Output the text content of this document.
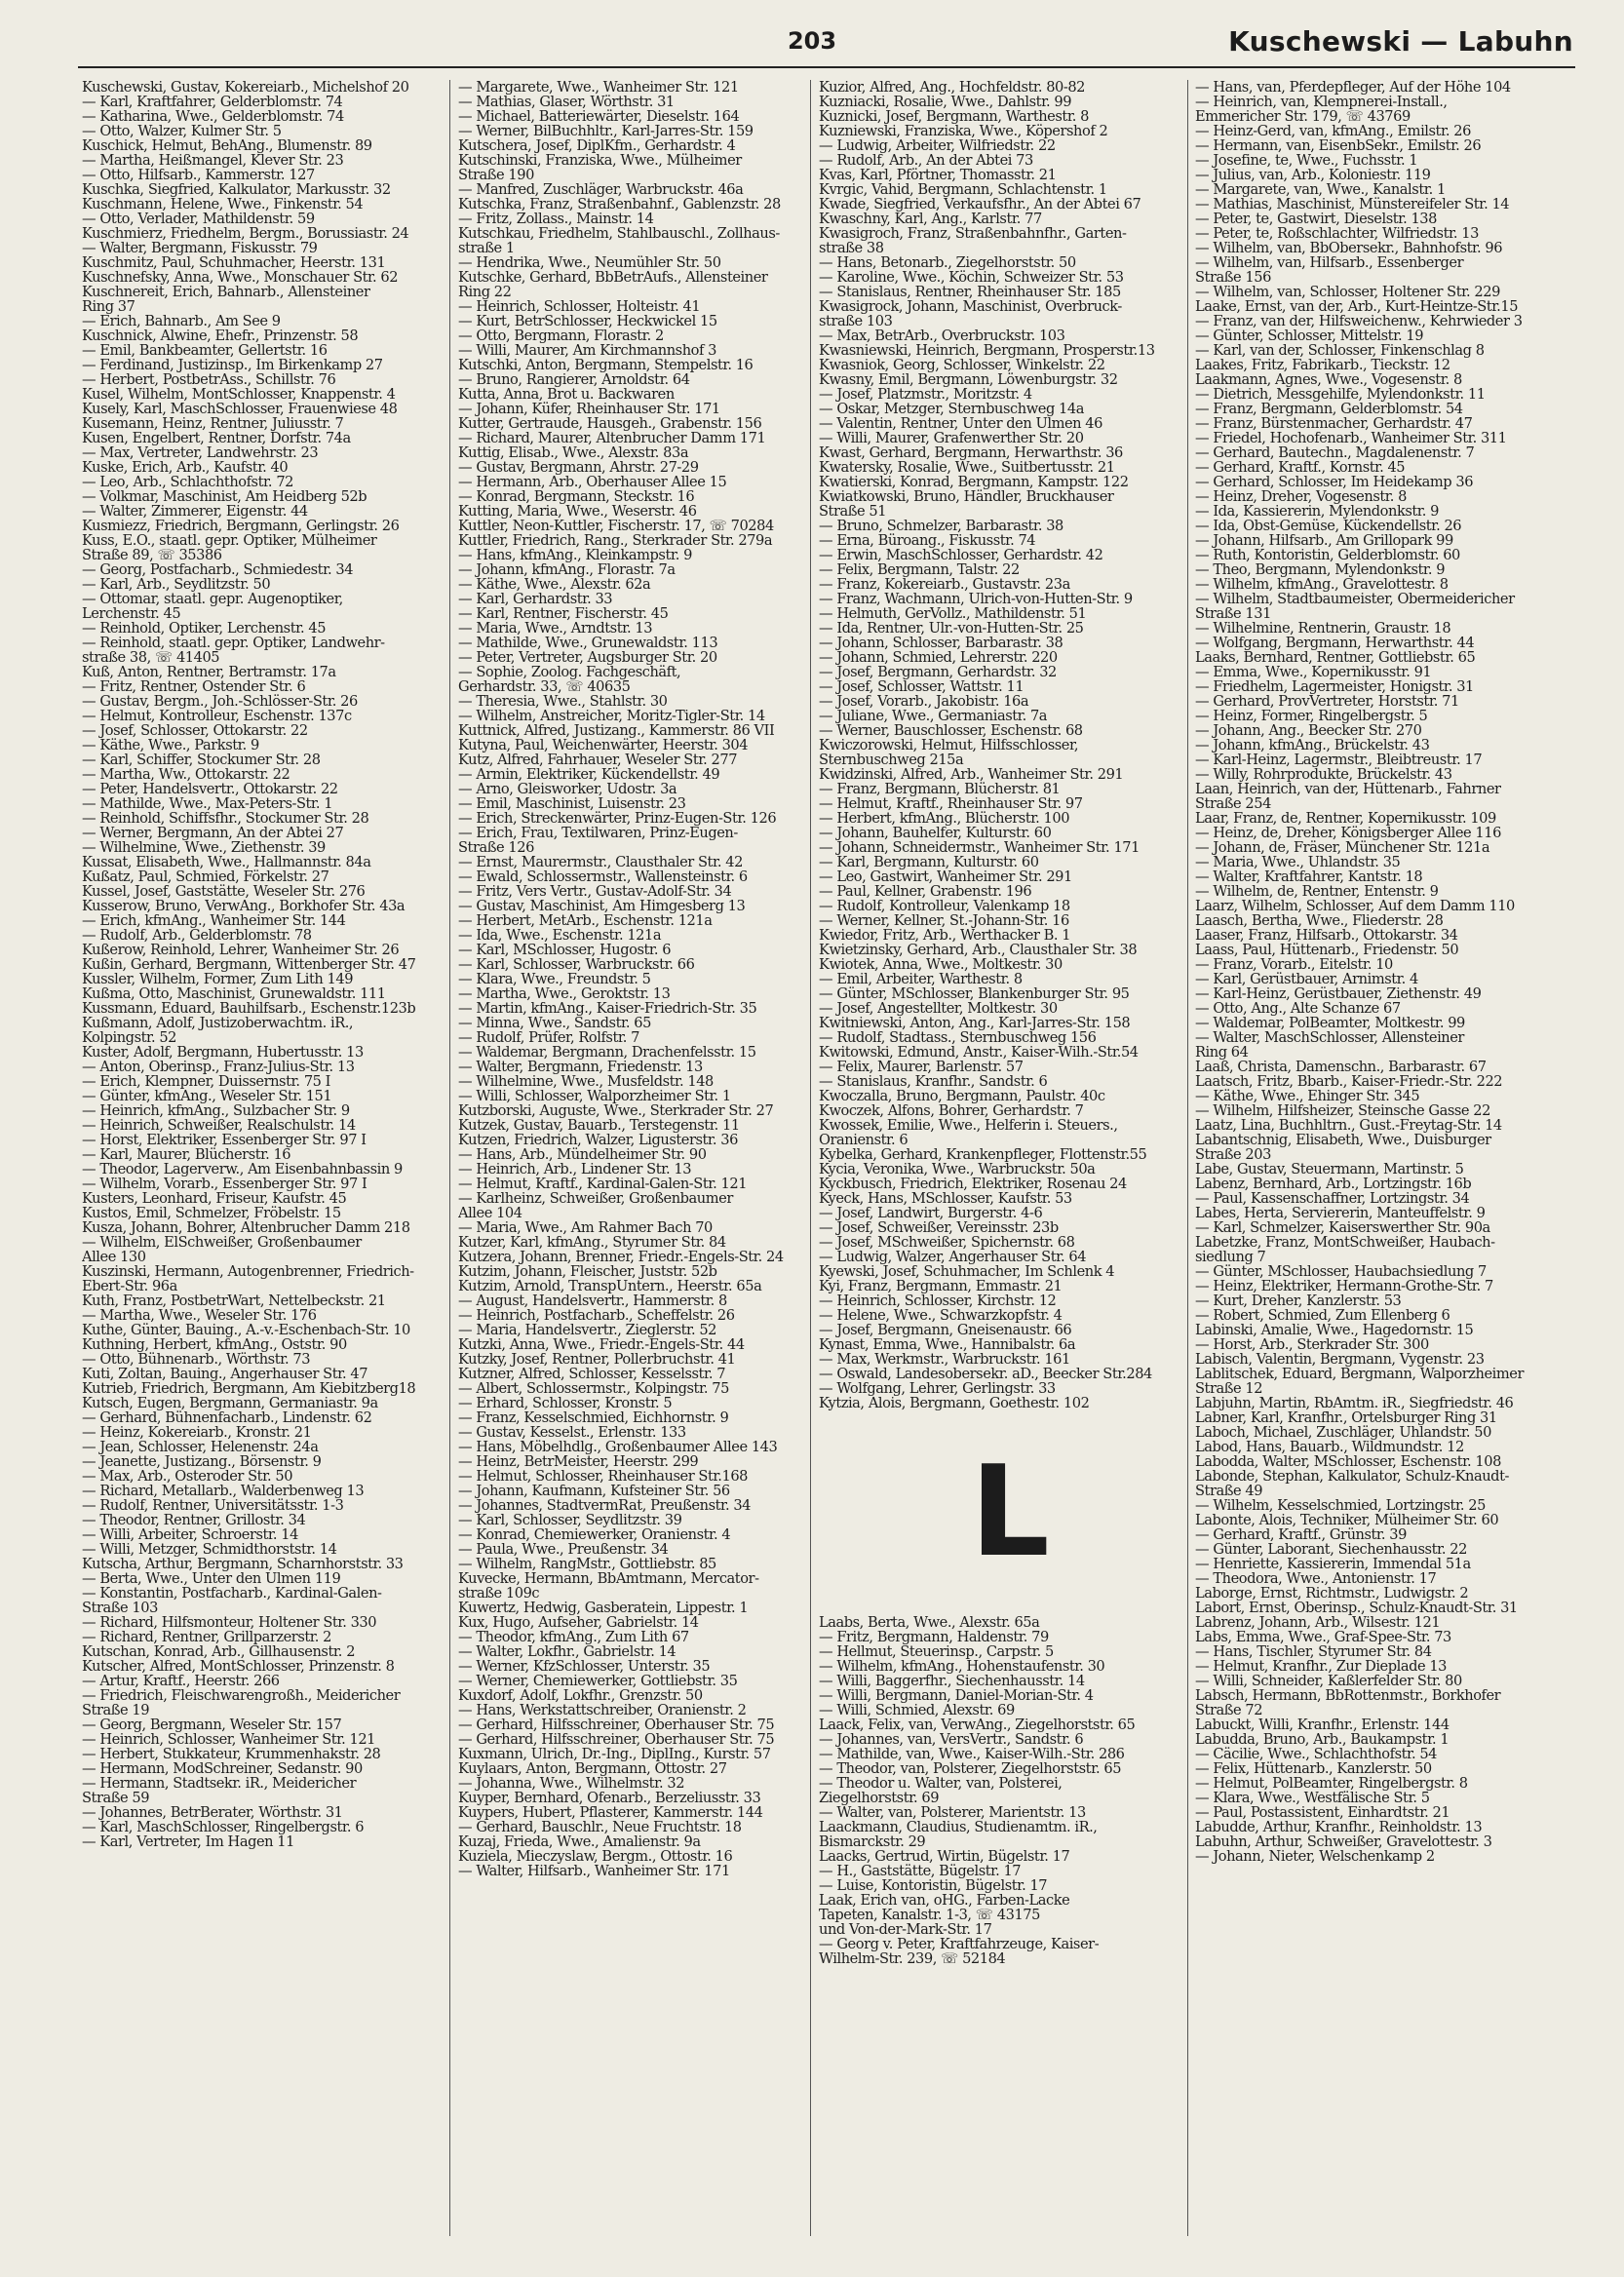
203	Kuschewski — Labuhn
Kuschewski, Gustav, Kokereiarb., Michelshof 20
— Karl, Kraftfahrer, Gelderblomstr. 74
— Katharina, Wwe., Gelderblomstr. 74
— Otto, Walzer, Kulmer Str. 5
Kuschick, Helmut, BehAng., Blumenstr. 89
— Martha, Heißmangel, Klever Str. 23
— Otto, Hilfsarb., Kammerstr. 127
Kuschka, Siegfried, Kalkulator, Markusstr. 32
Kuschmann, Helene, Wwe., Finkenstr. 54
— Otto, Verlader, Mathildenstr. 59
Kuschmierz, Friedhelm, Bergm., Borussiastr. 24
— Walter, Bergmann, Fiskusstr. 79
Kuschmitz, Paul, Schuhmacher, Heerstr. 131
Kuschnefsky, Anna, Wwe., Monschauer Str. 62
Kuschnereit, Erich, Bahnarb., Allensteiner
Ring 37
— Erich, Bahnarb., Am See 9
Kuschnick, Alwine, Ehefr., Prinzenstr. 58
— Emil, Bankbeamter, Gellertstr. 16
— Ferdinand, Justizinsp., Im Birkenkamp 27
— Herbert, PostbetrAss., Schillstr. 76
Kusel, Wilhelm, MontSchlosser, Knappenstr. 4
Kusely, Karl, MaschSchlosser, Frauenwiese 48
Kusemann, Heinz, Rentner, Juliusstr. 7
Kusen, Engelbert, Rentner, Dorfstr. 74a
— Max, Vertreter, Landwehrstr. 23
Kuske, Erich, Arb., Kaufstr. 40
— Leo, Arb., Schlachthofstr. 72
— Volkmar, Maschinist, Am Heidberg 52b
— Walter, Zimmerer, Eigenstr. 44
Kusmiezz, Friedrich, Bergmann, Gerlingstr. 26
Kuss, E.O., staatl. gepr. Optiker, Mülheimer
Straße 89, ☏ 35386
— Georg, Postfacharb., Schmiedestr. 34
— Karl, Arb., Seydlitzstr. 50
— Ottomar, staatl. gepr. Augenoptiker,
Lerchenstr. 45
— Reinhold, Optiker, Lerchenstr. 45
— Reinhold, staatl. gepr. Optiker, Landwehr-
straße 38, ☏ 41405
Kuß, Anton, Rentner, Bertramstr. 17a
— Fritz, Rentner, Ostender Str. 6
— Gustav, Bergm., Joh.-Schlösser-Str. 26
— Helmut, Kontrolleur, Eschenstr. 137c
— Josef, Schlosser, Ottokarstr. 22
— Käthe, Wwe., Parkstr. 9
— Karl, Schiffer, Stockumer Str. 28
— Martha, Ww., Ottokarstr. 22
— Peter, Handelsvertr., Ottokarstr. 22
— Mathilde, Wwe., Max-Peters-Str. 1
— Reinhold, Schiffsfhr., Stockumer Str. 28
— Werner, Bergmann, An der Abtei 27
— Wilhelmine, Wwe., Ziethenstr. 39
Kussat, Elisabeth, Wwe., Hallmannstr. 84a
Kußatz, Paul, Schmied, Förkelstr. 27
Kussel, Josef, Gaststätte, Weseler Str. 276
Kusserow, Bruno, VerwAng., Borkhofer Str. 43a
— Erich, kfmAng., Wanheimer Str. 144
— Rudolf, Arb., Gelderblomstr. 78
Kußerow, Reinhold, Lehrer, Wanheimer Str. 26
Kußin, Gerhard, Bergmann, Wittenberger Str. 47
Kussler, Wilhelm, Former, Zum Lith 149
Kußma, Otto, Maschinist, Grunewaldstr. 111
Kussmann, Eduard, Bauhilfsarb., Eschenstr.123b
Kußmann, Adolf, Justizoberwachtm. iR.,
Kolpingstr. 52
Kuster, Adolf, Bergmann, Hubertusstr. 13
— Anton, Oberinsp., Franz-Julius-Str. 13
— Erich, Klempner, Duissernstr. 75 I
— Günter, kfmAng., Weseler Str. 151
— Heinrich, kfmAng., Sulzbacher Str. 9
— Heinrich, Schweißer, Realschulstr. 14
— Horst, Elektriker, Essenberger Str. 97 I
— Karl, Maurer, Blücherstr. 16
— Theodor, Lagerverw., Am Eisenbahnbassin 9
— Wilhelm, Vorarb., Essenberger Str. 97 I
Kusters, Leonhard, Friseur, Kaufstr. 45
Kustos, Emil, Schmelzer, Fröbelstr. 15
Kusza, Johann, Bohrer, Altenbrucher Damm 218
— Wilhelm, ElSchweißer, Großenbaumer
Allee 130
Kuszinski, Hermann, Autogenbrenner, Friedrich-
Ebert-Str. 96a
Kuth, Franz, PostbetrWart, Nettelbeckstr. 21
— Martha, Wwe., Weseler Str. 176
Kuthe, Günter, Bauing., A.-v.-Eschenbach-Str. 10
Kuthning, Herbert, kfmAng., Oststr. 90
— Otto, Bühnenarb., Wörthstr. 73
Kuti, Zoltan, Bauing., Angerhauser Str. 47
Kutrieb, Friedrich, Bergmann, Am Kiebitzberg18
Kutsch, Eugen, Bergmann, Germaniastr. 9a
— Gerhard, Bühnenfacharb., Lindenstr. 62
— Heinz, Kokereiarb., Kronstr. 21
— Jean, Schlosser, Helenenstr. 24a
— Jeanette, Justizang., Börsenstr. 9
— Max, Arb., Osteroder Str. 50
— Richard, Metallarb., Walderbenweg 13
— Rudolf, Rentner, Universitätsstr. 1-3
— Theodor, Rentner, Grillostr. 34
— Willi, Arbeiter, Schroerstr. 14
— Willi, Metzger, Schmidthorststr. 14
Kutscha, Arthur, Bergmann, Scharnhorststr. 33
— Berta, Wwe., Unter den Ulmen 119
— Konstantin, Postfacharb., Kardinal-Galen-
Straße 103
— Richard, Hilfsmonteur, Holtener Str. 330
— Richard, Rentner, Grillparzerstr. 2
Kutschan, Konrad, Arb., Gillhausenstr. 2
Kutscher, Alfred, MontSchlosser, Prinzenstr. 8
— Artur, Kraftf., Heerstr. 266
— Friedrich, Fleischwarengroßh., Meidericher
Straße 19
— Georg, Bergmann, Weseler Str. 157
— Heinrich, Schlosser, Wanheimer Str. 121
— Herbert, Stukkateur, Krummenhakstr. 28
— Hermann, ModSchreiner, Sedanstr. 90
— Hermann, Stadtsekr. iR., Meidericher
Straße 59
— Johannes, BetrBerater, Wörthstr. 31
— Karl, MaschSchlosser, Ringelbergstr. 6
— Karl, Vertreter, Im Hagen 11
— Margarete, Wwe., Wanheimer Str. 121
— Mathias, Glaser, Wörthstr. 31
— Michael, Batteriewärter, Dieselstr. 164
— Werner, BilBuchhltr., Karl-Jarres-Str. 159
Kutschera, Josef, DiplKfm., Gerhardstr. 4
Kutschinski, Franziska, Wwe., Mülheimer
Straße 190
— Manfred, Zuschläger, Warbruckstr. 46a
Kutschka, Franz, Straßenbahnf., Gablenzstr. 28
— Fritz, Zollass., Mainstr. 14
Kutschkau, Friedhelm, Stahlbauschl., Zollhaus-
straße 1
— Hendrika, Wwe., Neumühler Str. 50
Kutschke, Gerhard, BbBetrAufs., Allensteiner
Ring 22
— Heinrich, Schlosser, Holteistr. 41
— Kurt, BetrSchlosser, Heckwickel 15
— Otto, Bergmann, Florastr. 2
— Willi, Maurer, Am Kirchmannshof 3
Kutschki, Anton, Bergmann, Stempelstr. 16
— Bruno, Rangierer, Arnoldstr. 64
Kutta, Anna, Brot u. Backwaren
— Johann, Küfer, Rheinhauser Str. 171
Kutter, Gertraude, Hausgeh., Grabenstr. 156
— Richard, Maurer, Altenbrucher Damm 171
Kuttig, Elisab., Wwe., Alexstr. 83a
— Gustav, Bergmann, Ahrstr. 27-29
— Hermann, Arb., Oberhauser Allee 15
— Konrad, Bergmann, Steckstr. 16
Kutting, Maria, Wwe., Weserstr. 46
Kuttler, Neon-Kuttler, Fischerstr. 17, ☏ 70284
Kuttler, Friedrich, Rang., Sterkrader Str. 279a
— Hans, kfmAng., Kleinkampstr. 9
— Johann, kfmAng., Florastr. 7a
— Käthe, Wwe., Alexstr. 62a
— Karl, Gerhardstr. 33
— Karl, Rentner, Fischerstr. 45
— Maria, Wwe., Arndtstr. 13
— Mathilde, Wwe., Grunewaldstr. 113
— Peter, Vertreter, Augsburger Str. 20
— Sophie, Zoolog. Fachgeschäft,
Gerhardstr. 33, ☏ 40635
— Theresia, Wwe., Stahlstr. 30
— Wilhelm, Anstreicher, Moritz-Tigler-Str. 14
Kuttnick, Alfred, Justizang., Kammerstr. 86 VII
Kutyna, Paul, Weichenwärter, Heerstr. 304
Kutz, Alfred, Fahrhauer, Weseler Str. 277
— Armin, Elektriker, Kückendellstr. 49
— Arno, Gleisworker, Udostr. 3a
— Emil, Maschinist, Luisenstr. 23
— Erich, Streckenwärter, Prinz-Eugen-Str. 126
— Erich, Frau, Textilwaren, Prinz-Eugen-
Straße 126
— Ernst, Maurermstr., Clausthaler Str. 42
— Ewald, Schlossermstr., Wallensteinstr. 6
— Fritz, Vers Vertr., Gustav-Adolf-Str. 34
— Gustav, Maschinist, Am Himgesberg 13
— Herbert, MetArb., Eschenstr. 121a
— Ida, Wwe., Eschenstr. 121a
— Karl, MSchlosser, Hugostr. 6
— Karl, Schlosser, Warbruckstr. 66
— Klara, Wwe., Freundstr. 5
— Martha, Wwe., Geroktstr. 13
— Martin, kfmAng., Kaiser-Friedrich-Str. 35
— Minna, Wwe., Sandstr. 65
— Rudolf, Prüfer, Rolfstr. 7
— Waldemar, Bergmann, Drachenfelsstr. 15
— Walter, Bergmann, Friedenstr. 13
— Wilhelmine, Wwe., Musfeldstr. 148
— Willi, Schlosser, Walporzheimer Str. 1
Kutzborski, Auguste, Wwe., Sterkrader Str. 27
Kutzek, Gustav, Bauarb., Terstegenstr. 11
Kutzen, Friedrich, Walzer, Ligusterstr. 36
— Hans, Arb., Mündelheimer Str. 90
— Heinrich, Arb., Lindener Str. 13
— Helmut, Kraftf., Kardinal-Galen-Str. 121
— Karlheinz, Schweißer, Großenbaumer
Allee 104
— Maria, Wwe., Am Rahmer Bach 70
Kutzer, Karl, kfmAng., Styrumer Str. 84
Kutzera, Johann, Brenner, Friedr.-Engels-Str. 24
Kutzim, Johann, Fleischer, Juststr. 52b
Kutzim, Arnold, TranspUntern., Heerstr. 65a
— August, Handelsvertr., Hammerstr. 8
— Heinrich, Postfacharb., Scheffelstr. 26
— Maria, Handelsvertr., Zieglerstr. 52
Kutzki, Anna, Wwe., Friedr.-Engels-Str. 44
Kutzky, Josef, Rentner, Pollerbruchstr. 41
Kutzner, Alfred, Schlosser, Kesselsstr. 7
— Albert, Schlossermstr., Kolpingstr. 75
— Erhard, Schlosser, Kronstr. 5
— Franz, Kesselschmied, Eichhornstr. 9
— Gustav, Kesselst., Erlenstr. 133
— Hans, Möbelhdlg., Großenbaumer Allee 143
— Heinz, BetrMeister, Heerstr. 299
— Helmut, Schlosser, Rheinhauser Str.168
— Johann, Kaufmann, Kufsteiner Str. 56
— Johannes, StadtvermRat, Preußenstr. 34
— Karl, Schlosser, Seydlitzstr. 39
— Konrad, Chemiewerker, Oranienstr. 4
— Paula, Wwe., Preußenstr. 34
— Wilhelm, RangMstr., Gottliebstr. 85
Kuvecke, Hermann, BbAmtmann, Mercator-
straße 109c
Kuwertz, Hedwig, Gasberatein, Lippestr. 1
Kux, Hugo, Aufseher, Gabrielstr. 14
— Theodor, kfmAng., Zum Lith 67
— Walter, Lokfhr., Gabrielstr. 14
— Werner, KfzSchlosser, Unterstr. 35
— Werner, Chemiewerker, Gottliebstr. 35
Kuxdorf, Adolf, Lokfhr., Grenzstr. 50
— Hans, Werkstattschreiber, Oranienstr. 2
— Gerhard, Hilfsschreiner, Oberhauser Str. 75
— Gerhard, Hilfsschreiner, Oberhauser Str. 75
Kuxmann, Ulrich, Dr.-Ing., DiplIng., Kurstr. 57
Kuylaars, Anton, Bergmann, Ottostr. 27
— Johanna, Wwe., Wilhelmstr. 32
Kuyper, Bernhard, Ofenarb., Berzeliusstr. 33
Kuypers, Hubert, Pflasterer, Kammerstr. 144
— Gerhard, Bauschlr., Neue Fruchtstr. 18
Kuzaj, Frieda, Wwe., Amalienstr. 9a
Kuziela, Mieczyslaw, Bergm., Ottostr. 16
— Walter, Hilfsarb., Wanheimer Str. 171
Kuzior, Alfred, Ang., Hochfeldstr. 80-82
Kuzniacki, Rosalie, Wwe., Dahlstr. 99
Kuznicki, Josef, Bergmann, Warthestr. 8
Kuzniewski, Franziska, Wwe., Köpershof 2
— Ludwig, Arbeiter, Wilfriedstr. 22
— Rudolf, Arb., An der Abtei 73
Kvas, Karl, Pförtner, Thomasstr. 21
Kvrgic, Vahid, Bergmann, Schlachtenstr. 1
Kwade, Siegfried, Verkaufsfhr., An der Abtei 67
Kwaschny, Karl, Ang., Karlstr. 77
Kwasigroch, Franz, Straßenbahnfhr., Garten-
straße 38
— Hans, Betonarb., Ziegelhorststr. 50
— Karoline, Wwe., Köchin, Schweizer Str. 53
— Stanislaus, Rentner, Rheinhauser Str. 185
Kwasigrock, Johann, Maschinist, Overbruck-
straße 103
— Max, BetrArb., Overbruckstr. 103
Kwasniewski, Heinrich, Bergmann, Prosperstr.13
Kwasniok, Georg, Schlosser, Winkelstr. 22
Kwasny, Emil, Bergmann, Löwenburgstr. 32
— Josef, Platzmstr., Moritzstr. 4
— Oskar, Metzger, Sternbuschweg 14a
— Valentin, Rentner, Unter den Ulmen 46
— Willi, Maurer, Grafenwerther Str. 20
Kwast, Gerhard, Bergmann, Herwarthstr. 36
Kwatersky, Rosalie, Wwe., Suitbertusstr. 21
Kwatierski, Konrad, Bergmann, Kampstr. 122
Kwiatkowski, Bruno, Händler, Bruckhauser
Straße 51
— Bruno, Schmelzer, Barbarastr. 38
— Erna, Büroang., Fiskusstr. 74
— Erwin, MaschSchlosser, Gerhardstr. 42
— Felix, Bergmann, Talstr. 22
— Franz, Kokereiarb., Gustavstr. 23a
— Franz, Wachmann, Ulrich-von-Hutten-Str. 9
— Helmuth, GerVollz., Mathildenstr. 51
— Ida, Rentner, Ulr.-von-Hutten-Str. 25
— Johann, Schlosser, Barbarastr. 38
— Johann, Schmied, Lehrerstr. 220
— Josef, Bergmann, Gerhardstr. 32
— Josef, Schlosser, Wattstr. 11
— Josef, Vorarb., Jakobistr. 16a
— Juliane, Wwe., Germaniastr. 7a
— Werner, Bauschlosser, Eschenstr. 68
Kwiczorowski, Helmut, Hilfsschlosser,
Sternbuschweg 215a
Kwidzinski, Alfred, Arb., Wanheimer Str. 291
— Franz, Bergmann, Blücherstr. 81
— Helmut, Kraftf., Rheinhauser Str. 97
— Herbert, kfmAng., Blücherstr. 100
— Johann, Bauhelfer, Kulturstr. 60
— Johann, Schneidermstr., Wanheimer Str. 171
— Karl, Bergmann, Kulturstr. 60
— Leo, Gastwirt, Wanheimer Str. 291
— Paul, Kellner, Grabenstr. 196
— Rudolf, Kontrolleur, Valenkamp 18
— Werner, Kellner, St.-Johann-Str. 16
Kwiedor, Fritz, Arb., Werthacker B. 1
Kwietzinsky, Gerhard, Arb., Clausthaler Str. 38
Kwiotek, Anna, Wwe., Moltkestr. 30
— Emil, Arbeiter, Warthestr. 8
— Günter, MSchlosser, Blankenburger Str. 95
— Josef, Angestellter, Moltkestr. 30
Kwitniewski, Anton, Ang., Karl-Jarres-Str. 158
— Rudolf, Stadtass., Sternbuschweg 156
Kwitowski, Edmund, Anstr., Kaiser-Wilh.-Str.54
— Felix, Maurer, Barlenstr. 57
— Stanislaus, Kranfhr., Sandstr. 6
Kwoczalla, Bruno, Bergmann, Paulstr. 40c
Kwoczek, Alfons, Bohrer, Gerhardstr. 7
Kwossek, Emilie, Wwe., Helferin i. Steuers.,
Oranienstr. 6
Kybelka, Gerhard, Krankenpfleger, Flottenstr.55
Kycia, Veronika, Wwe., Warbruckstr. 50a
Kyckbusch, Friedrich, Elektriker, Rosenau 24
Kyeck, Hans, MSchlosser, Kaufstr. 53
— Josef, Landwirt, Burgerstr. 4-6
— Josef, Schweißer, Vereinsstr. 23b
— Josef, MSchweißer, Spichernstr. 68
— Ludwig, Walzer, Angerhauser Str. 64
Kyewski, Josef, Schuhmacher, Im Schlenk 4
Kyi, Franz, Bergmann, Emmastr. 21
— Heinrich, Schlosser, Kirchstr. 12
— Helene, Wwe., Schwarzkopfstr. 4
— Josef, Bergmann, Gneisenaustr. 66
Kynast, Emma, Wwe., Hannibalstr. 6a
— Max, Werkmstr., Warbruckstr. 161
— Oswald, Landesobersekr. aD., Beecker Str.284
— Wolfgang, Lehrer, Gerlingstr. 33
Kytzia, Alois, Bergmann, Goethestr. 102
L
Laabs, Berta, Wwe., Alexstr. 65a
— Fritz, Bergmann, Haldenstr. 79
— Hellmut, Steuerinsp., Carpstr. 5
— Wilhelm, kfmAng., Hohenstaufenstr. 30
— Willi, Baggerfhr., Siechenhausstr. 14
— Willi, Bergmann, Daniel-Morian-Str. 4
— Willi, Schmied, Alexstr. 69
Laack, Felix, van, VerwAng., Ziegelhorststr. 65
— Johannes, van, VersVertr., Sandstr. 6
— Mathilde, van, Wwe., Kaiser-Wilh.-Str. 286
— Theodor, van, Polsterer, Ziegelhorststr. 65
— Theodor u. Walter, van, Polsterei,
Ziegelhorststr. 69
— Walter, van, Polsterer, Marientstr. 13
Laackmann, Claudius, Studienamtm. iR.,
Bismarckstr. 29
Laacks, Gertrud, Wirtin, Bügelstr. 17
— H., Gaststätte, Bügelstr. 17
— Luise, Kontoristin, Bügelstr. 17
Laak, Erich van, oHG., Farben-Lacke
Tapeten, Kanalstr. 1-3, ☏ 43175
und Von-der-Mark-Str. 17
— Georg v. Peter, Kraftfahrzeuge, Kaiser-
Wilhelm-Str. 239, ☏ 52184
— Hans, van, Pferdepfleger, Auf der Höhe 104
— Heinrich, van, Klempnerei-Install.,
Emmericher Str. 179, ☏ 43769
— Heinz-Gerd, van, kfmAng., Emilstr. 26
— Hermann, van, EisenbSekr., Emilstr. 26
— Josefine, te, Wwe., Fuchsstr. 1
— Julius, van, Arb., Koloniestr. 119
— Margarete, van, Wwe., Kanalstr. 1
— Mathias, Maschinist, Münstereifeler Str. 14
— Peter, te, Gastwirt, Dieselstr. 138
— Peter, te, Roßschlachter, Wilfriedstr. 13
— Wilhelm, van, BbObersekr., Bahnhofstr. 96
— Wilhelm, van, Hilfsarb., Essenberger
Straße 156
— Wilhelm, van, Schlosser, Holtener Str. 229
Laake, Ernst, van der, Arb., Kurt-Heintze-Str.15
— Franz, van der, Hilfsweichenw., Kehrwieder 3
— Günter, Schlosser, Mittelstr. 19
— Karl, van der, Schlosser, Finkenschlag 8
Laakes, Fritz, Fabrikarb., Tieckstr. 12
Laakmann, Agnes, Wwe., Vogesenstr. 8
— Dietrich, Messgehilfe, Mylendonkstr. 11
— Franz, Bergmann, Gelderblomstr. 54
— Franz, Bürstenmacher, Gerhardstr. 47
— Friedel, Hochofenarb., Wanheimer Str. 311
— Gerhard, Bautechn., Magdalenenstr. 7
— Gerhard, Kraftf., Kornstr. 45
— Gerhard, Schlosser, Im Heidekamp 36
— Heinz, Dreher, Vogesenstr. 8
— Ida, Kassiererin, Mylendonkstr. 9
— Ida, Obst-Gemüse, Kückendellstr. 26
— Johann, Hilfsarb., Am Grillopark 99
— Ruth, Kontoristin, Gelderblomstr. 60
— Theo, Bergmann, Mylendonkstr. 9
— Wilhelm, kfmAng., Gravelottestr. 8
— Wilhelm, Stadtbaumeister, Obermeidericher
Straße 131
— Wilhelmine, Rentnerin, Graustr. 18
— Wolfgang, Bergmann, Herwarthstr. 44
Laaks, Bernhard, Rentner, Gottliebstr. 65
— Emma, Wwe., Kopernikusstr. 91
— Friedhelm, Lagermeister, Honigstr. 31
— Gerhard, ProvVertreter, Horststr. 71
— Heinz, Former, Ringelbergstr. 5
— Johann, Ang., Beecker Str. 270
— Johann, kfmAng., Brückelstr. 43
— Karl-Heinz, Lagermstr., Bleibtreustr. 17
— Willy, Rohrprodukte, Brückelstr. 43
Laan, Heinrich, van der, Hüttenarb., Fahrner
Straße 254
Laar, Franz, de, Rentner, Kopernikusstr. 109
— Heinz, de, Dreher, Königsberger Allee 116
— Johann, de, Fräser, Münchener Str. 121a
— Maria, Wwe., Uhlandstr. 35
— Walter, Kraftfahrer, Kantstr. 18
— Wilhelm, de, Rentner, Entenstr. 9
Laarz, Wilhelm, Schlosser, Auf dem Damm 110
Laasch, Bertha, Wwe., Fliederstr. 28
Laaser, Franz, Hilfsarb., Ottokarstr. 34
Laass, Paul, Hüttenarb., Friedenstr. 50
— Franz, Vorarb., Eitelstr. 10
— Karl, Gerüstbauer, Arnimstr. 4
— Karl-Heinz, Gerüstbauer, Ziethenstr. 49
— Otto, Ang., Alte Schanze 67
— Waldemar, PolBeamter, Moltkestr. 99
— Walter, MaschSchlosser, Allensteiner
Ring 64
Laaß, Christa, Damenschn., Barbarastr. 67
Laatsch, Fritz, Bbarb., Kaiser-Friedr.-Str. 222
— Käthe, Wwe., Ehinger Str. 345
— Wilhelm, Hilfsheizer, Steinsche Gasse 22
Laatz, Lina, Buchhltrn., Gust.-Freytag-Str. 14
Labantschnig, Elisabeth, Wwe., Duisburger
Straße 203
Labe, Gustav, Steuermann, Martinstr. 5
Labenz, Bernhard, Arb., Lortzingstr. 16b
— Paul, Kassenschaffner, Lortzingstr. 34
Labes, Herta, Serviererin, Manteuffelstr. 9
— Karl, Schmelzer, Kaiserswerther Str. 90a
Labetzke, Franz, MontSchweißer, Haubach-
siedlung 7
— Günter, MSchlosser, Haubachsiedlung 7
— Heinz, Elektriker, Hermann-Grothe-Str. 7
— Kurt, Dreher, Kanzlerstr. 53
— Robert, Schmied, Zum Ellenberg 6
Labinski, Amalie, Wwe., Hagedornstr. 15
— Horst, Arb., Sterkrader Str. 300
Labisch, Valentin, Bergmann, Vygenstr. 23
Lablitschek, Eduard, Bergmann, Walporzheimer
Straße 12
Labjuhn, Martin, RbAmtm. iR., Siegfriedstr. 46
Labner, Karl, Kranfhr., Ortelsburger Ring 31
Laboch, Michael, Zuschläger, Uhlandstr. 50
Labod, Hans, Bauarb., Wildmundstr. 12
Labodda, Walter, MSchlosser, Eschenstr. 108
Labonde, Stephan, Kalkulator, Schulz-Knaudt-
Straße 49
— Wilhelm, Kesselschmied, Lortzingstr. 25
Labonte, Alois, Techniker, Mülheimer Str. 60
— Gerhard, Kraftf., Grünstr. 39
— Günter, Laborant, Siechenhausstr. 22
— Henriette, Kassiererin, Immendal 51a
— Theodora, Wwe., Antonienstr. 17
Laborge, Ernst, Richtmstr., Ludwigstr. 2
Labort, Ernst, Oberinsp., Schulz-Knaudt-Str. 31
Labrenz, Johann, Arb., Wilsestr. 121
Labs, Emma, Wwe., Graf-Spee-Str. 73
— Hans, Tischler, Styrumer Str. 84
— Helmut, Kranfhr., Zur Dieplade 13
— Willi, Schneider, Kaßlerfelder Str. 80
Labsch, Hermann, BbRottenmstr., Borkhofer
Straße 72
Labuckt, Willi, Kranfhr., Erlenstr. 144
Labudda, Bruno, Arb., Baukampstr. 1
— Cäcilie, Wwe., Schlachthofstr. 54
— Felix, Hüttenarb., Kanzlerstr. 50
— Helmut, PolBeamter, Ringelbergstr. 8
— Klara, Wwe., Westfälische Str. 5
— Paul, Postassistent, Einhardtstr. 21
Labudde, Arthur, Kranfhr., Reinholdstr. 13
Labuhn, Arthur, Schweißer, Gravelottestr. 3
— Johann, Nieter, Welschenkamp 2
